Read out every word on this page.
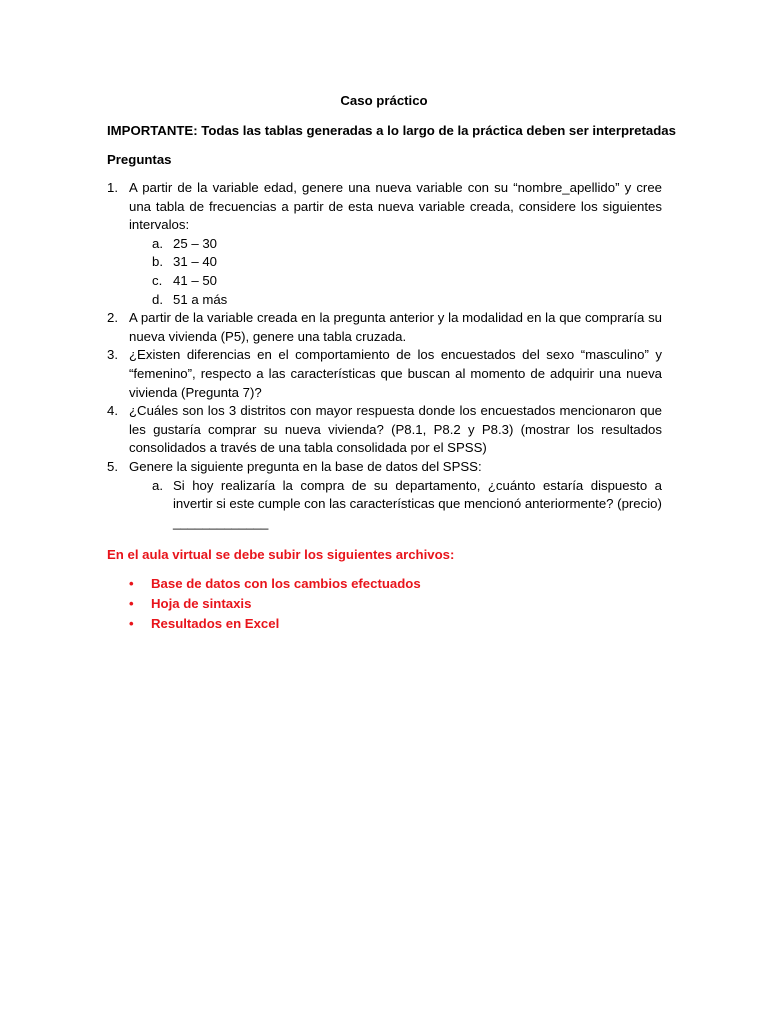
Caso práctico
IMPORTANTE: Todas las tablas generadas a lo largo de la práctica deben ser interpretadas
Preguntas
1. A partir de la variable edad, genere una nueva variable con su “nombre_apellido” y cree una tabla de frecuencias a partir de esta nueva variable creada, considere los siguientes intervalos:
a. 25 – 30
b. 31 – 40
c. 41 – 50
d. 51 a más
2. A partir de la variable creada en la pregunta anterior y la modalidad en la que compraría su nueva vivienda (P5), genere una tabla cruzada.
3. ¿Existen diferencias en el comportamiento de los encuestados del sexo “masculino” y “femenino”, respecto a las características que buscan al momento de adquirir una nueva vivienda (Pregunta 7)?
4. ¿Cuáles son los 3 distritos con mayor respuesta donde los encuestados mencionaron que les gustaría comprar su nueva vivienda? (P8.1, P8.2 y P8.3) (mostrar los resultados consolidados a través de una tabla consolidada por el SPSS)
5. Genere la siguiente pregunta en la base de datos del SPSS:
a. Si hoy realizaría la compra de su departamento, ¿cuánto estaría dispuesto a invertir si este cumple con las características que mencionó anteriormente? (precio)
_____________
En el aula virtual se debe subir los siguientes archivos:
• Base de datos con los cambios efectuados
• Hoja de sintaxis
• Resultados en Excel
